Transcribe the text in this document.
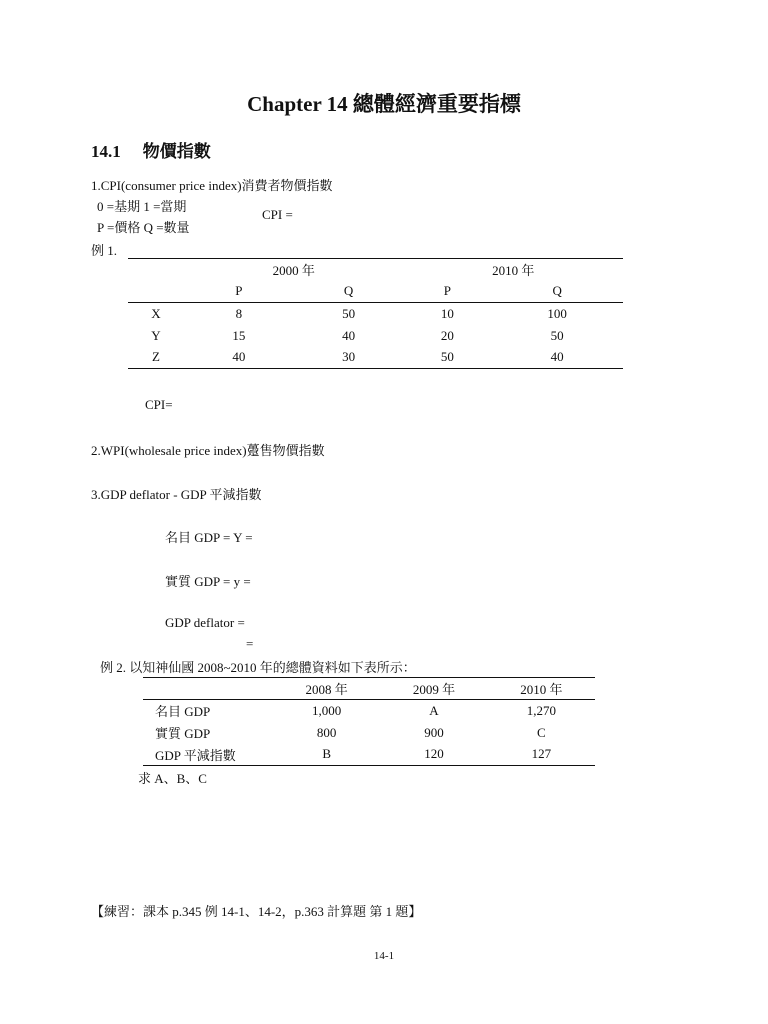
Chapter 14 總體經濟重要指標
14.1 物價指數
1.CPI(consumer price index)消費者物價指數
0 =基期 1 =當期
P =價格 Q =數量
CPI =
例 1.
	2000 年		2010 年	
	P	Q	P	Q
X	8	50	10	100
Y	15	40	20	50
Z	40	30	50	40
CPI=
2.WPI(wholesale price index)躉售物價指數
3.GDP deflator - GDP 平減指數
名目 GDP = Y =
實質 GDP = y =
GDP deflator =
=
例 2. 以知神仙國 2008~2010 年的總體資料如下表所示：
	2008 年	2009 年	2010 年
名目 GDP	1,000	A	1,270
實質 GDP	800	900	C
GDP 平減指數	B	120	127
求 A、B、C
【練習：課本 p.345 例 14-1、14-2，p.363 計算題 第 1 題】
14-1
